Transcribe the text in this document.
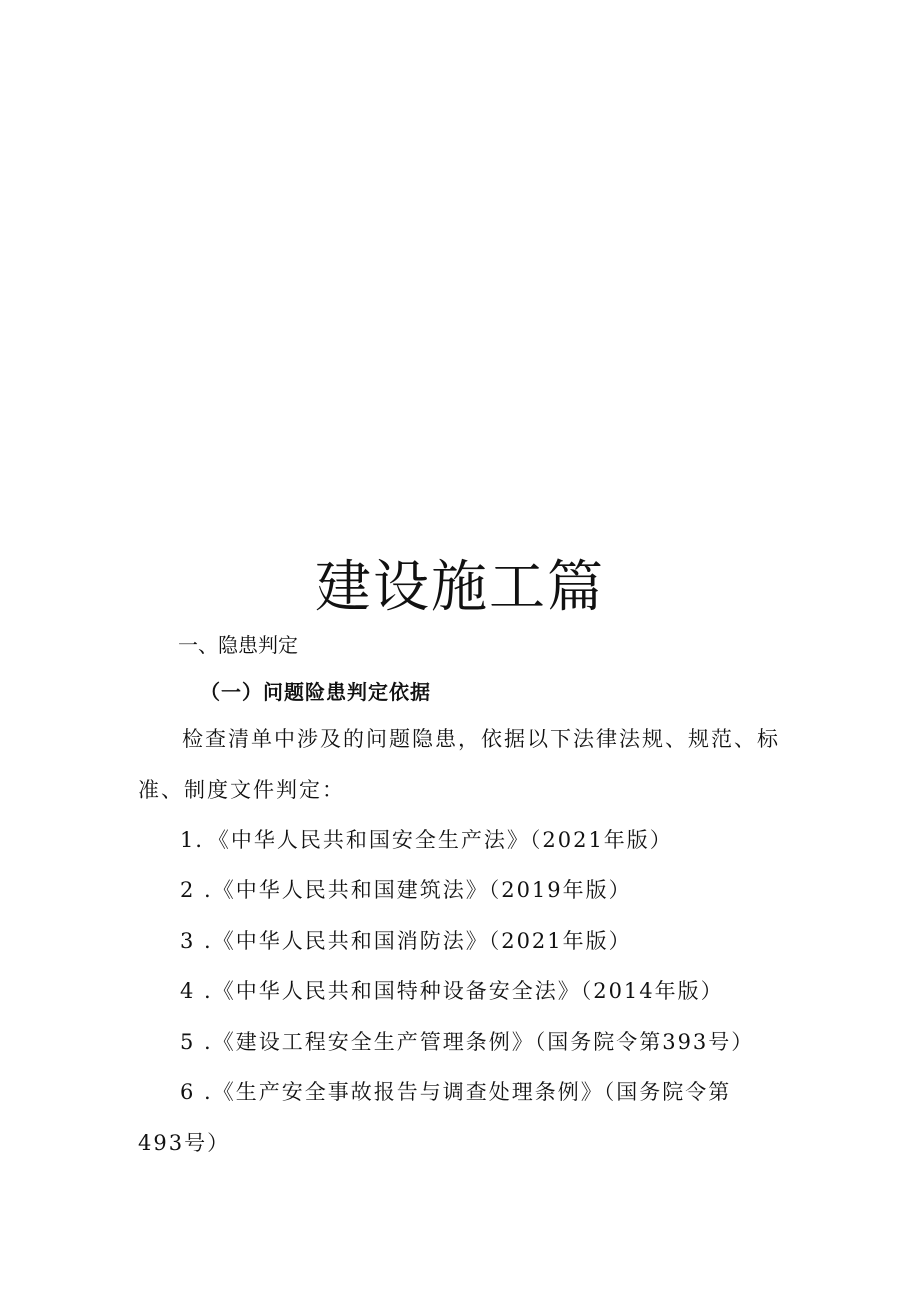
建设施工篇
一、隐患判定
（一）问题险患判定依据
检查清单中涉及的问题隐患，依据以下法律法规、规范、标
准、制度文件判定：
1．《中华人民共和国安全生产法》（2021年版）
2 .《中华人民共和国建筑法》（2019年版）
3 .《中华人民共和国消防法》（2021年版）
4 .《中华人民共和国特种设备安全法》（2014年版）
5 .《建设工程安全生产管理条例》（国务院令第393号）
6 .《生产安全事故报告与调查处理条例》（国务院令第
493号）
